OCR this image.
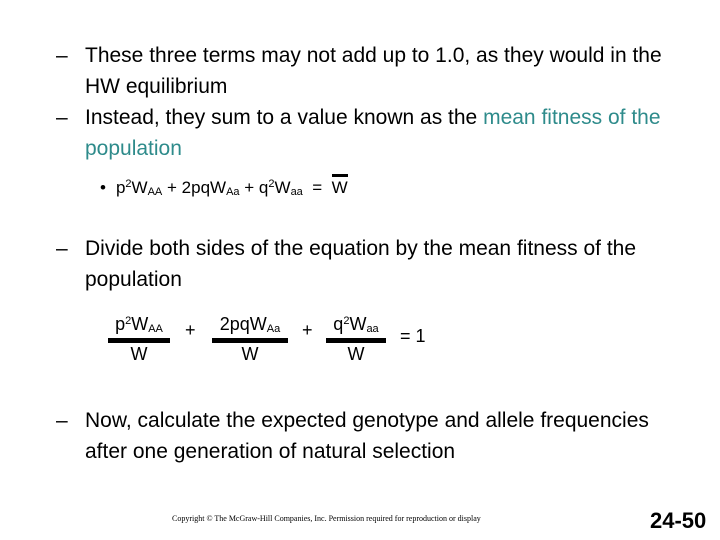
– These three terms may not add up to 1.0, as they would in the HW equilibrium
– Instead, they sum to a value known as the mean fitness of the population
• $p^2W_{AA} + 2pqW_{Aa} + q^2W_{aa} = W$
– Divide both sides of the equation by the mean fitness of the population
$p^2W_{AA}$
W
+	2pqW$_{Aa}$
W
+	$q^2W_{aa}$
W
= 1
– Now, calculate the expected genotype and allele frequencies after one generation of natural selection
Copyright © The McGraw-Hill Companies, Inc. Permission required for reproduction or display	24-50
